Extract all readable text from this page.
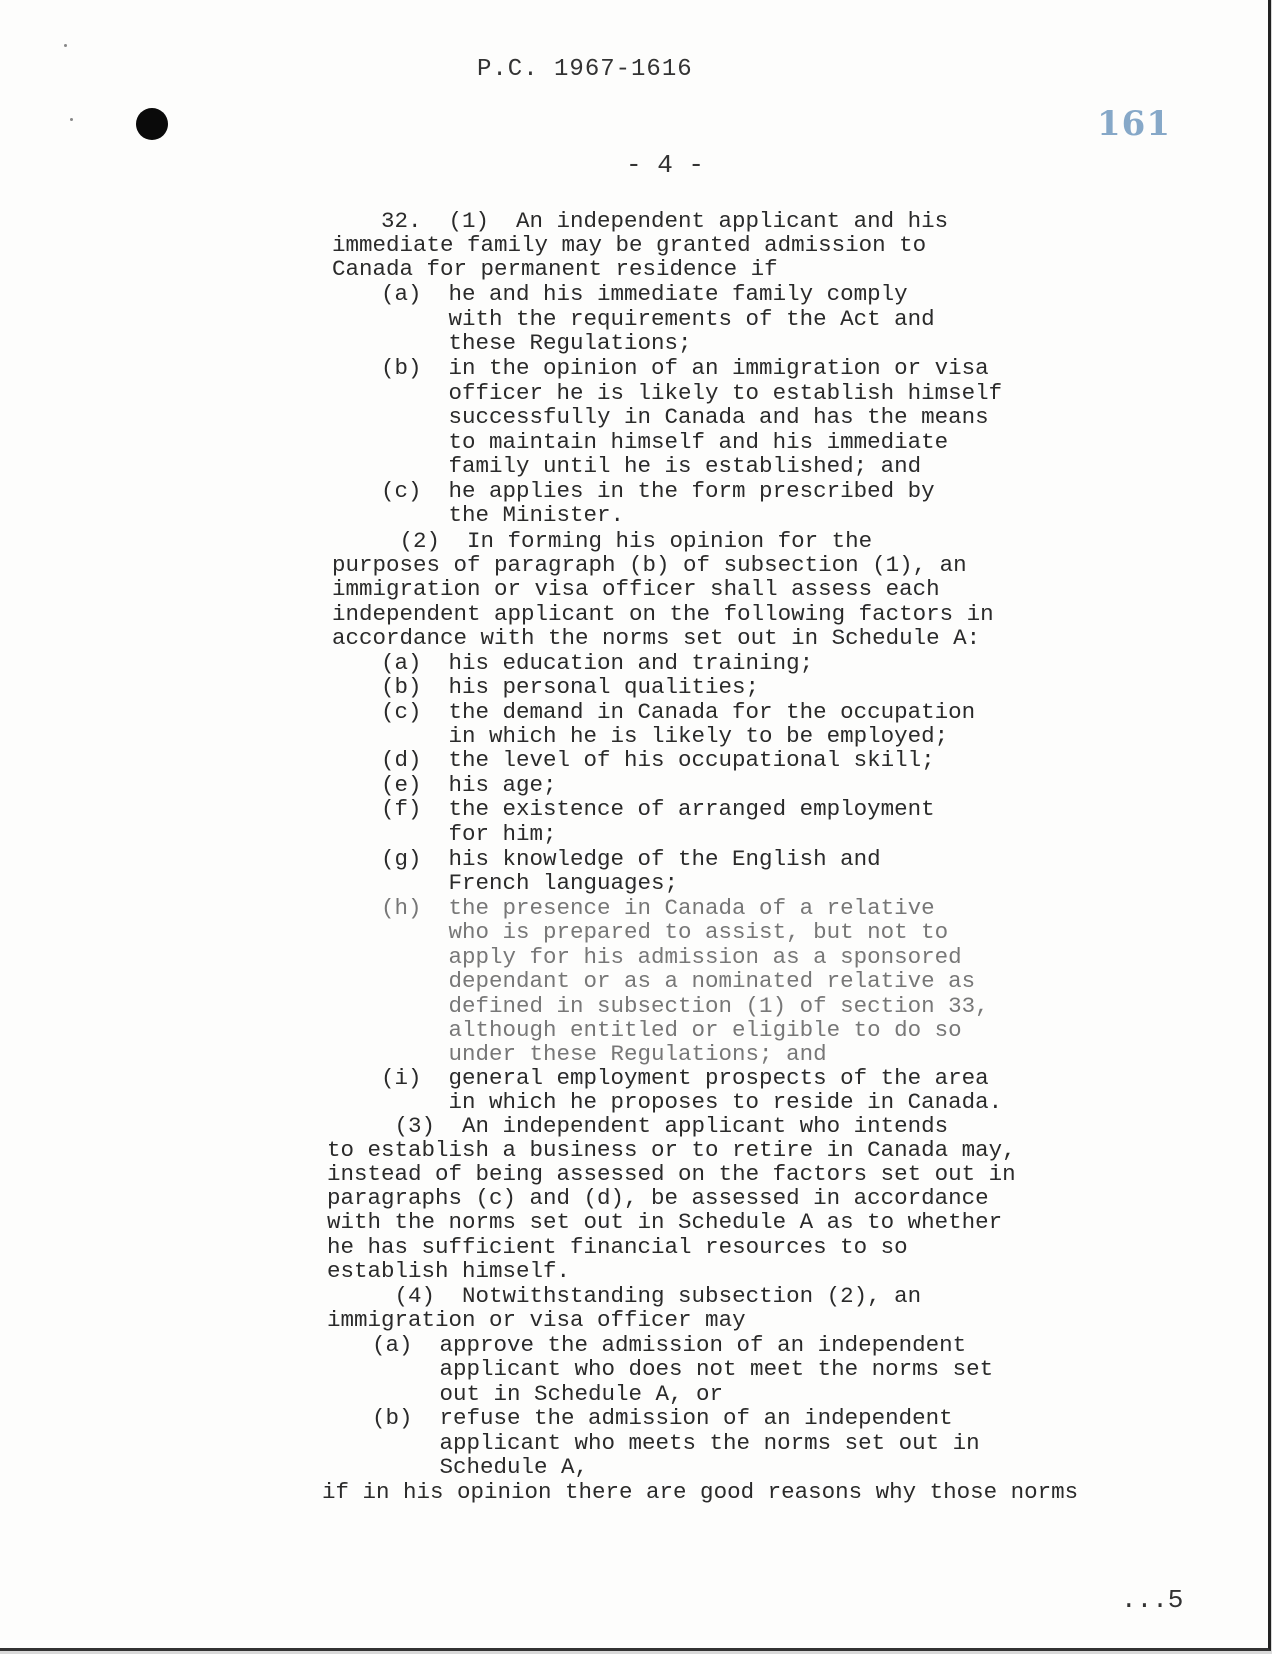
P.C. 1967-1616
161
- 4 -
32.  (1)  An independent applicant and his
immediate family may be granted admission to
Canada for permanent residence if
(a)  he and his immediate family comply
with the requirements of the Act and
these Regulations;
(b)  in the opinion of an immigration or visa
officer he is likely to establish himself
successfully in Canada and has the means
to maintain himself and his immediate
family until he is established; and
(c)  he applies in the form prescribed by
the Minister.
(2)  In forming his opinion for the
purposes of paragraph (b) of subsection (1), an
immigration or visa officer shall assess each
independent applicant on the following factors in
accordance with the norms set out in Schedule A:
(a)  his education and training;
(b)  his personal qualities;
(c)  the demand in Canada for the occupation
in which he is likely to be employed;
(d)  the level of his occupational skill;
(e)  his age;
(f)  the existence of arranged employment
for him;
(g)  his knowledge of the English and
French languages;
(h)  the presence in Canada of a relative
who is prepared to assist, but not to
apply for his admission as a sponsored
dependant or as a nominated relative as
defined in subsection (1) of section 33,
although entitled or eligible to do so
under these Regulations; and
(i)  general employment prospects of the area
in which he proposes to reside in Canada.
(3)  An independent applicant who intends
to establish a business or to retire in Canada may,
instead of being assessed on the factors set out in
paragraphs (c) and (d), be assessed in accordance
with the norms set out in Schedule A as to whether
he has sufficient financial resources to so
establish himself.
(4)  Notwithstanding subsection (2), an
immigration or visa officer may
(a)  approve the admission of an independent
applicant who does not meet the norms set
out in Schedule A, or
(b)  refuse the admission of an independent
applicant who meets the norms set out in
Schedule A,
if in his opinion there are good reasons why those norms
...5
